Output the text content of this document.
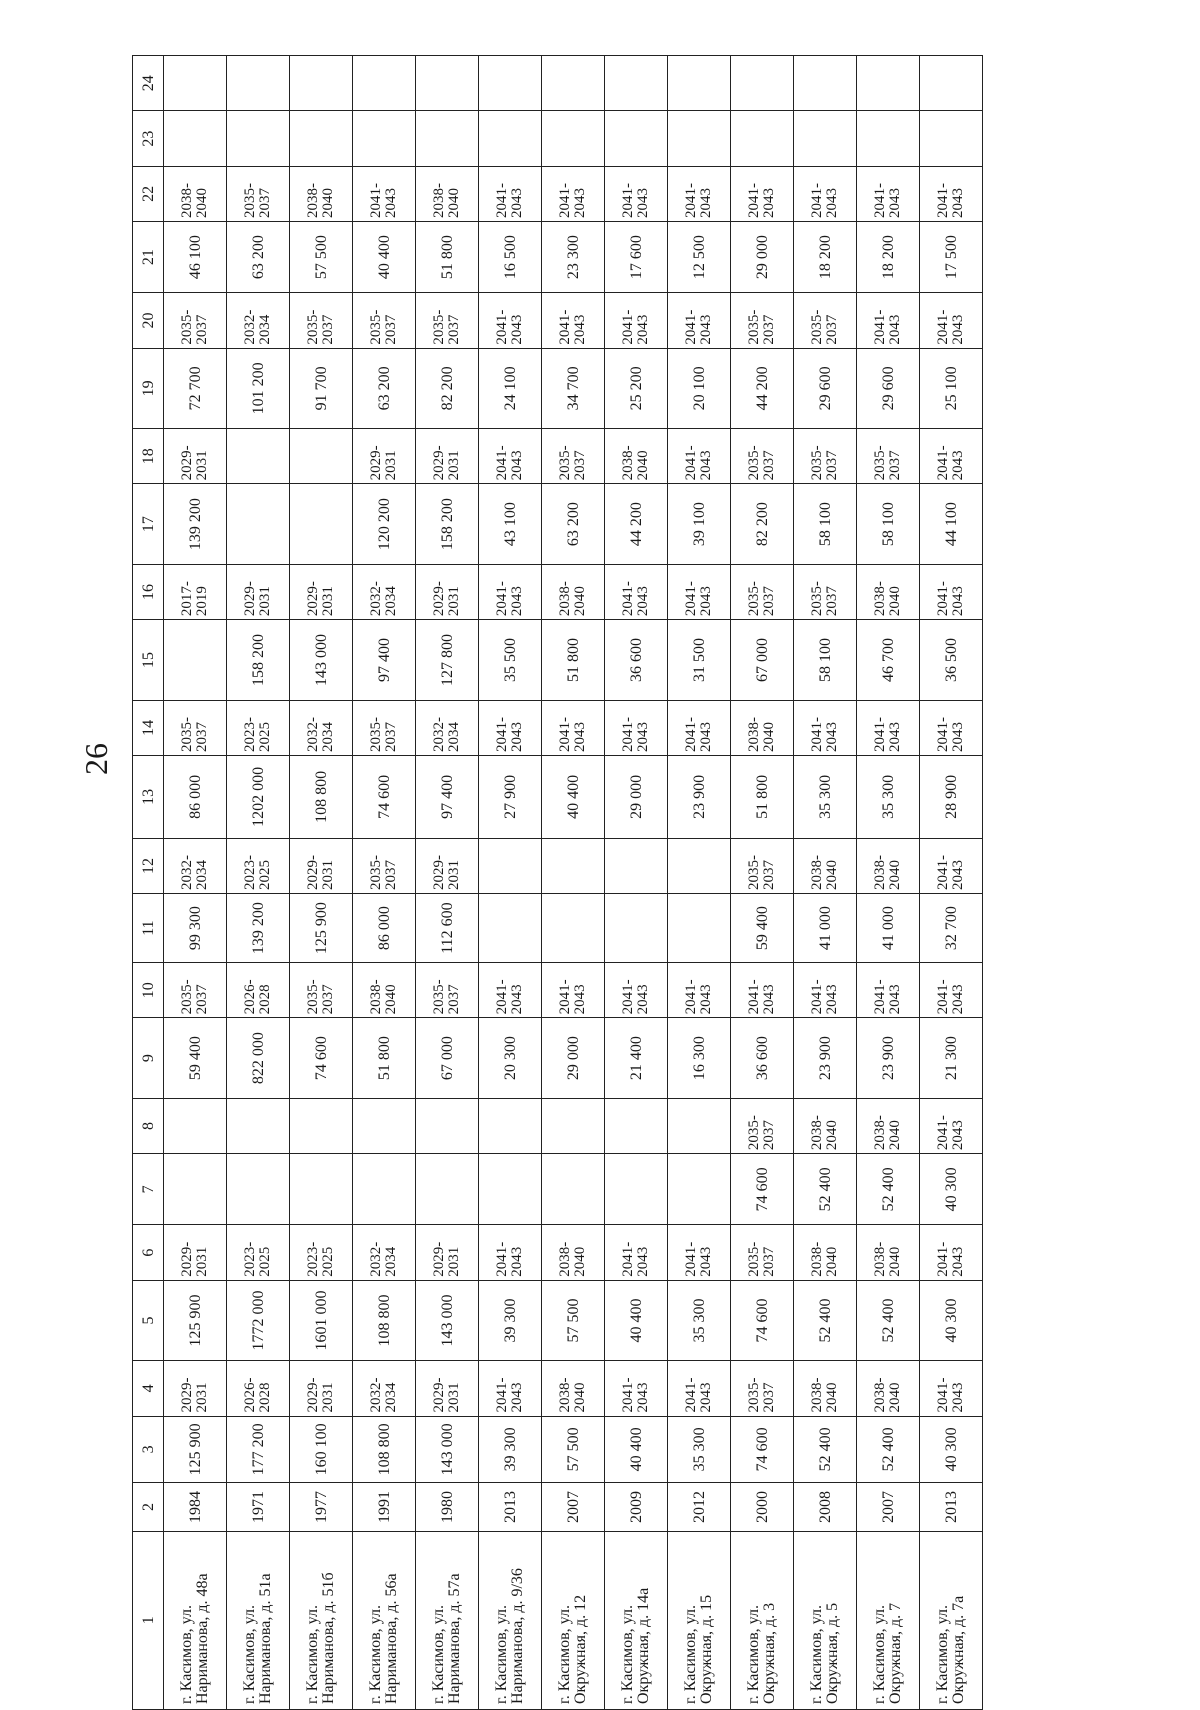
26
1	2	3	4	5	6	7	8	9	10	11	12	13	14	15	16	17	18	19	20	21	22	23	24
г. Касимов, ул. Нариманова, д. 48а	1984	125 900	2029-2031	125 900	2029-2031			59 400	2035-2037	99 300	2032-2034	86 000	2035-2037		2017-2019	139 200	2029-2031	72 700	2035-2037	46 100	2038-2040		
г. Касимов, ул. Нариманова, д. 51а	1971	177 200	2026-2028	1772 000	2023-2025			822 000	2026-2028	139 200	2023-2025	1202 000	2023-2025	158 200	2029-2031			101 200	2032-2034	63 200	2035-2037		
г. Касимов, ул. Нариманова, д. 51б	1977	160 100	2029-2031	1601 000	2023-2025			74 600	2035-2037	125 900	2029-2031	108 800	2032-2034	143 000	2029-2031			91 700	2035-2037	57 500	2038-2040		
г. Касимов, ул. Нариманова, д. 56а	1991	108 800	2032-2034	108 800	2032-2034			51 800	2038-2040	86 000	2035-2037	74 600	2035-2037	97 400	2032-2034	120 200	2029-2031	63 200	2035-2037	40 400	2041-2043		
г. Касимов, ул. Нариманова, д. 57а	1980	143 000	2029-2031	143 000	2029-2031			67 000	2035-2037	112 600	2029-2031	97 400	2032-2034	127 800	2029-2031	158 200	2029-2031	82 200	2035-2037	51 800	2038-2040		
г. Касимов, ул. Нариманова, д. 9/36	2013	39 300	2041-2043	39 300	2041-2043			20 300	2041-2043			27 900	2041-2043	35 500	2041-2043	43 100	2041-2043	24 100	2041-2043	16 500	2041-2043		
г. Касимов, ул. Окружная, д. 12	2007	57 500	2038-2040	57 500	2038-2040			29 000	2041-2043			40 400	2041-2043	51 800	2038-2040	63 200	2035-2037	34 700	2041-2043	23 300	2041-2043		
г. Касимов, ул. Окружная, д. 14а	2009	40 400	2041-2043	40 400	2041-2043			21 400	2041-2043			29 000	2041-2043	36 600	2041-2043	44 200	2038-2040	25 200	2041-2043	17 600	2041-2043		
г. Касимов, ул. Окружная, д. 15	2012	35 300	2041-2043	35 300	2041-2043			16 300	2041-2043			23 900	2041-2043	31 500	2041-2043	39 100	2041-2043	20 100	2041-2043	12 500	2041-2043		
г. Касимов, ул. Окружная, д. 3	2000	74 600	2035-2037	74 600	2035-2037	74 600	2035-2037	36 600	2041-2043	59 400	2035-2037	51 800	2038-2040	67 000	2035-2037	82 200	2035-2037	44 200	2035-2037	29 000	2041-2043		
г. Касимов, ул. Окружная, д. 5	2008	52 400	2038-2040	52 400	2038-2040	52 400	2038-2040	23 900	2041-2043	41 000	2038-2040	35 300	2041-2043	58 100	2035-2037	58 100	2035-2037	29 600	2035-2037	18 200	2041-2043		
г. Касимов, ул. Окружная, д. 7	2007	52 400	2038-2040	52 400	2038-2040	52 400	2038-2040	23 900	2041-2043	41 000	2038-2040	35 300	2041-2043	46 700	2038-2040	58 100	2035-2037	29 600	2041-2043	18 200	2041-2043		
г. Касимов, ул. Окружная, д. 7а	2013	40 300	2041-2043	40 300	2041-2043	40 300	2041-2043	21 300	2041-2043	32 700	2041-2043	28 900	2041-2043	36 500	2041-2043	44 100	2041-2043	25 100	2041-2043	17 500	2041-2043		
